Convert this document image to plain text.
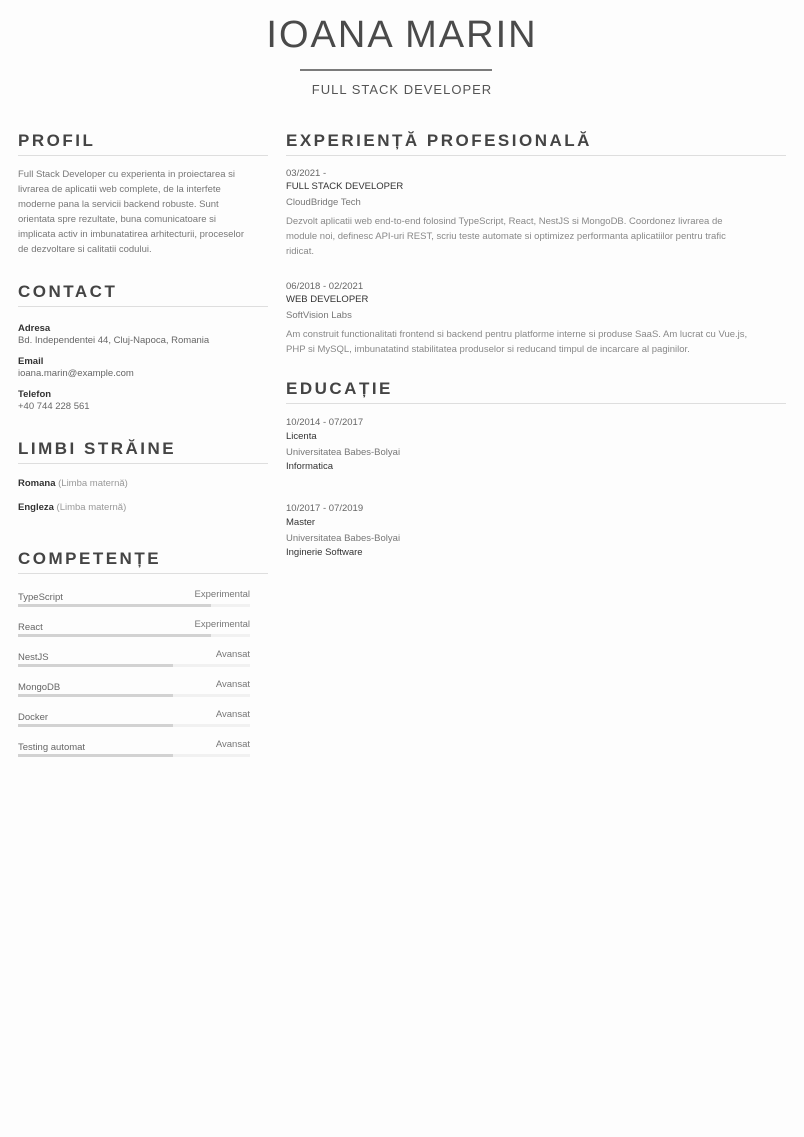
IOANA MARIN
FULL STACK DEVELOPER
PROFIL
Full Stack Developer cu experienta in proiectarea si
livrarea de aplicatii web complete, de la interfete
moderne pana la servicii backend robuste. Sunt
orientata spre rezultate, buna comunicatoare si
implicata activ in imbunatatirea arhitecturii, proceselor
de dezvoltare si calitatii codului.
CONTACT
Adresa
Bd. Independentei 44, Cluj-Napoca, Romania
Email
ioana.marin@example.com
Telefon
+40 744 228 561
LIMBI STRĂINE
Romana (Limba maternă)
Engleza (Limba maternă)
COMPETENȚE
TypeScript	Experimental
React	Experimental
NestJS	Avansat
MongoDB	Avansat
Docker	Avansat
Testing automat	Avansat
EXPERIENȚĂ PROFESIONALĂ
03/2021 -
FULL STACK DEVELOPER
CloudBridge Tech
Dezvolt aplicatii web end-to-end folosind TypeScript, React, NestJS si MongoDB. Coordonez livrarea de
module noi, definesc API-uri REST, scriu teste automate si optimizez performanta aplicatiilor pentru trafic
ridicat.
06/2018 - 02/2021
WEB DEVELOPER
SoftVision Labs
Am construit functionalitati frontend si backend pentru platforme interne si produse SaaS. Am lucrat cu Vue.js,
PHP si MySQL, imbunatatind stabilitatea produselor si reducand timpul de incarcare al paginilor.
EDUCAȚIE
10/2014 - 07/2017
Licenta
Universitatea Babes-Bolyai
Informatica
10/2017 - 07/2019
Master
Universitatea Babes-Bolyai
Inginerie Software
